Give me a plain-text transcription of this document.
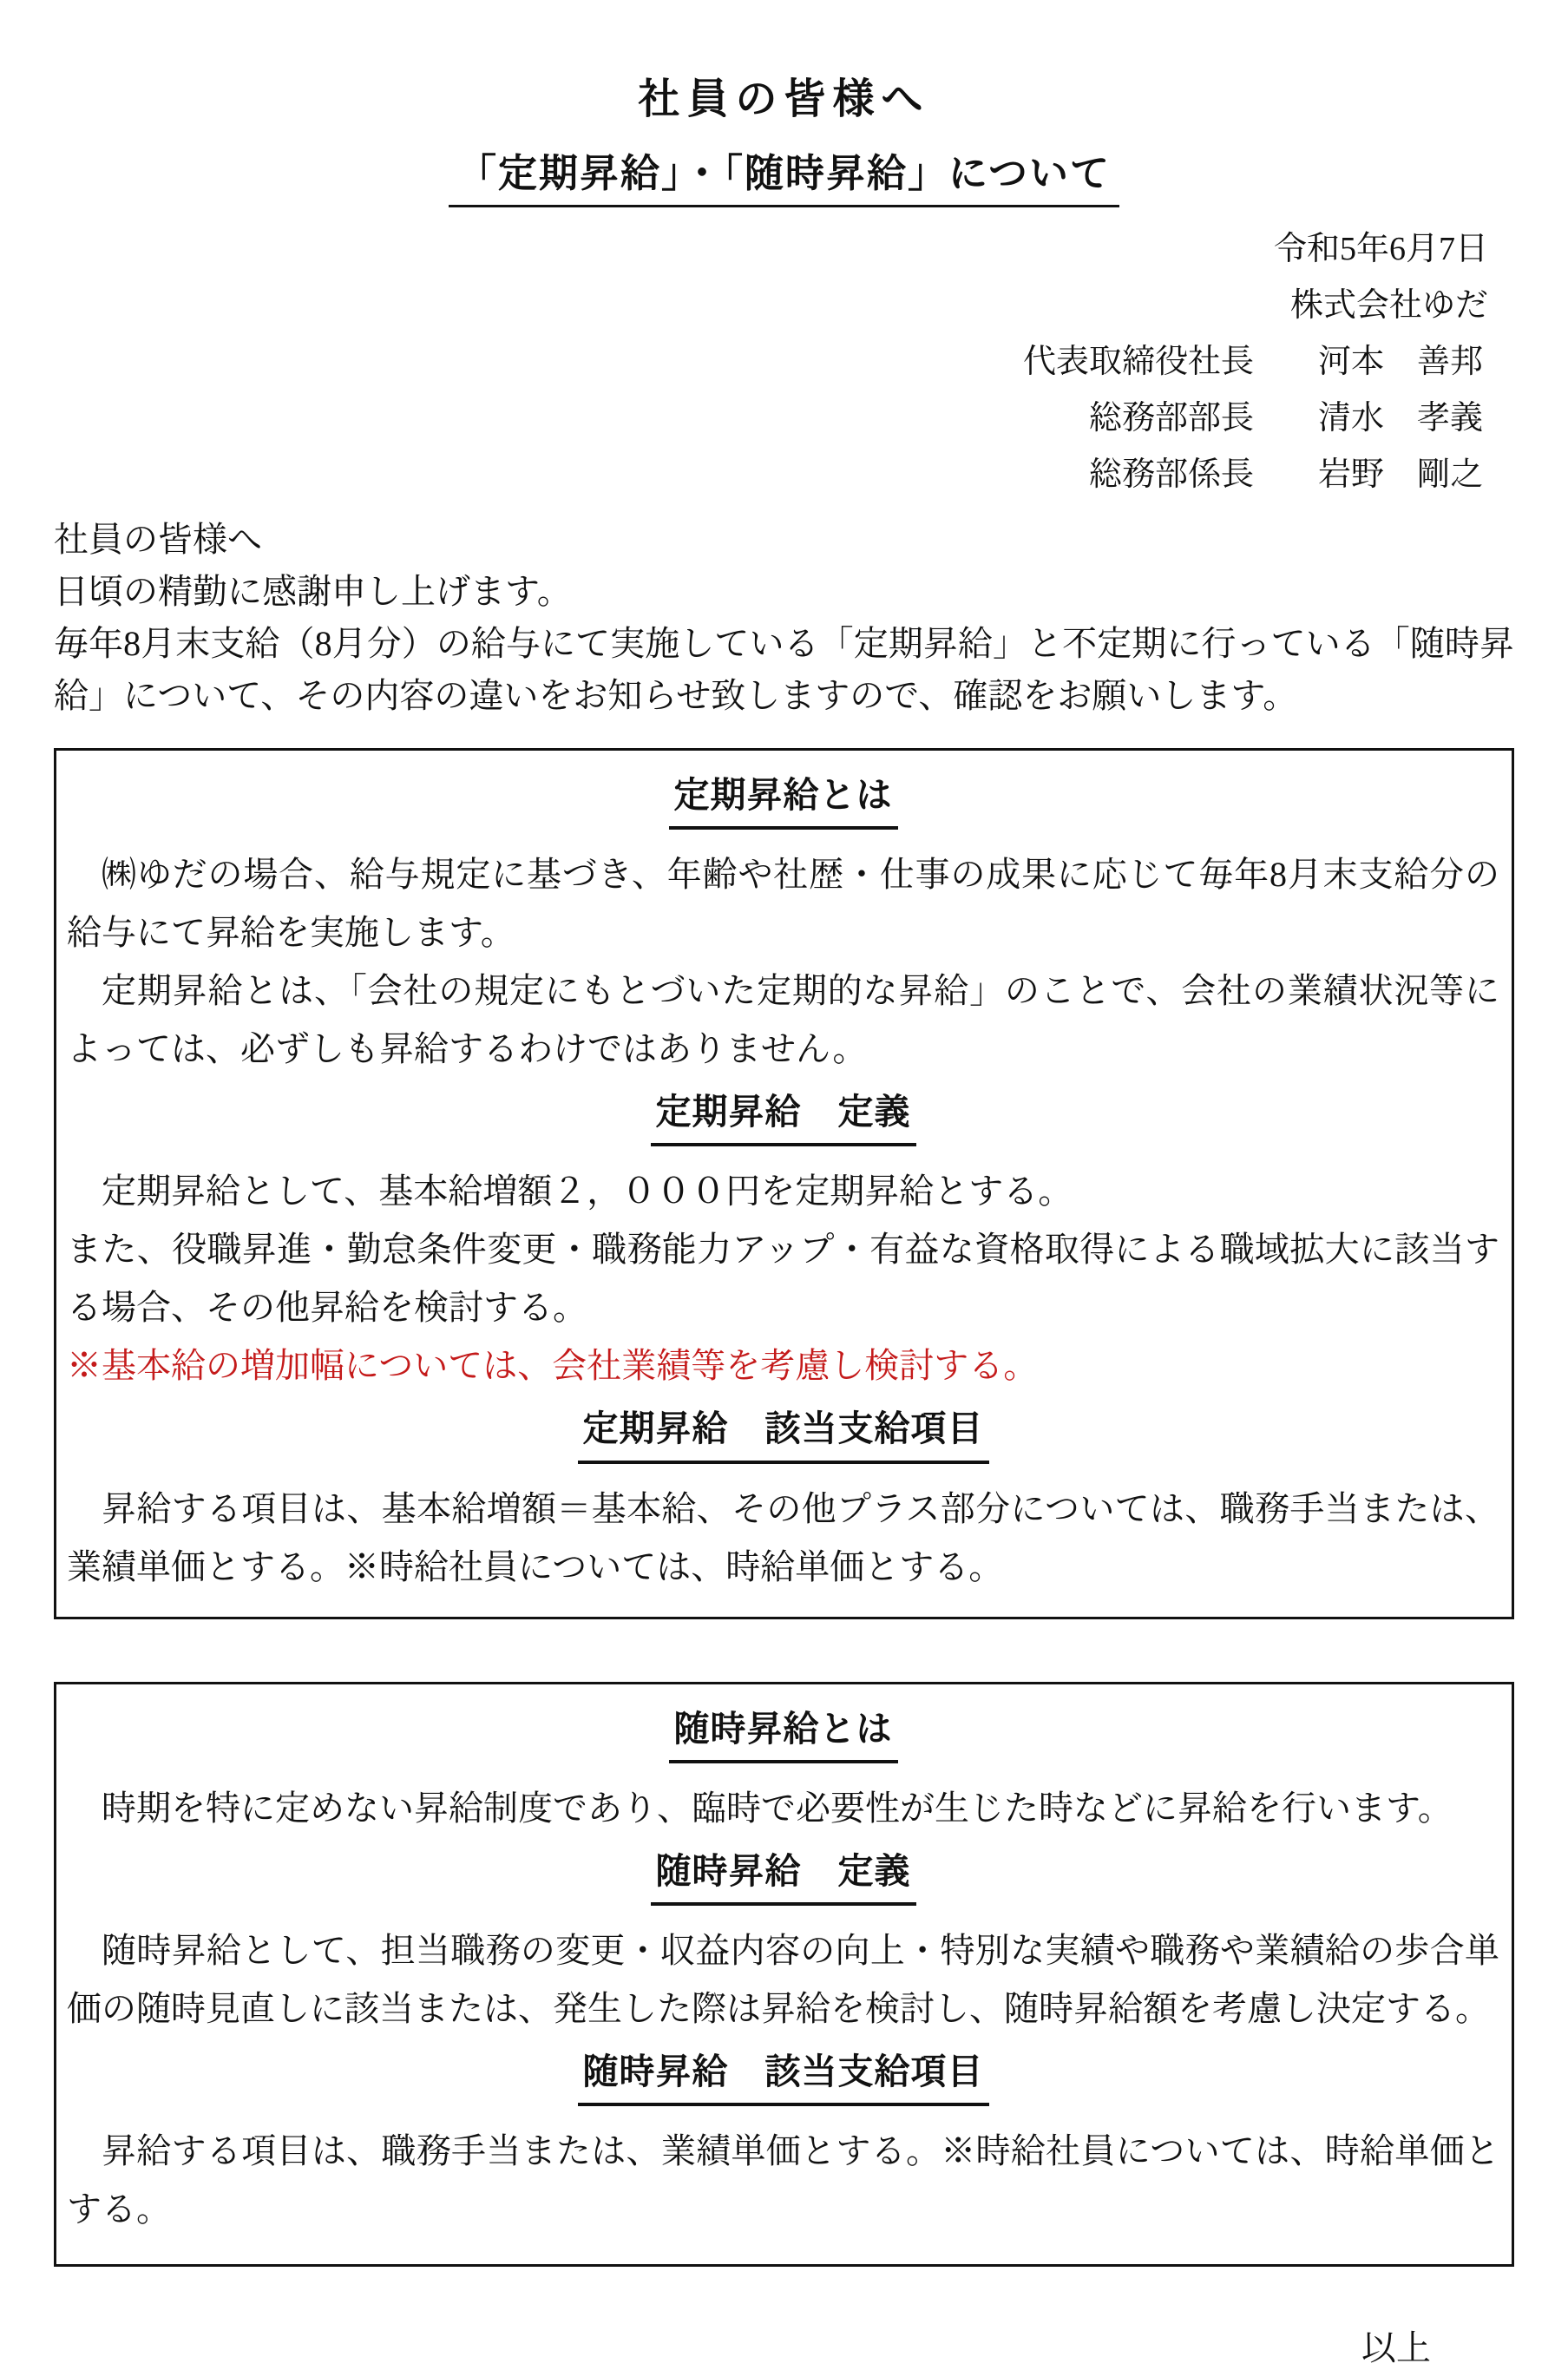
社員の皆様へ
「定期昇給」・「随時昇給」について
令和5年6月7日
株式会社ゆだ
代表取締役社長 河本　善邦
総務部部長 清水　孝義
総務部係長 岩野　剛之
社員の皆様へ
日頃の精勤に感謝申し上げます。

毎年8月末支給（8月分）の給与にて実施している「定期昇給」と不定期に行っている「随時昇給」について、その内容の違いをお知らせ致しますので、確認をお願いします。

定期昇給とは

㈱ゆだの場合、給与規定に基づき、年齢や社歴・仕事の成果に応じて毎年8月末支給分の給与にて昇給を実施します。

定期昇給とは、「会社の規定にもとづいた定期的な昇給」のことで、会社の業績状況等によっては、必ずしも昇給するわけではありません。

定期昇給　定義

定期昇給として、基本給増額２，０００円を定期昇給とする。

また、役職昇進・勤怠条件変更・職務能力アップ・有益な資格取得による職域拡大に該当する場合、その他昇給を検討する。

※基本給の増加幅については、会社業績等を考慮し検討する。

定期昇給　該当支給項目

昇給する項目は、基本給増額＝基本給、その他プラス部分については、職務手当または、業績単価とする。※時給社員については、時給単価とする。

随時昇給とは

時期を特に定めない昇給制度であり、臨時で必要性が生じた時などに昇給を行います。

随時昇給　定義

随時昇給として、担当職務の変更・収益内容の向上・特別な実績や職務や業績給の歩合単価の随時見直しに該当または、発生した際は昇給を検討し、随時昇給額を考慮し決定する。

随時昇給　該当支給項目

昇給する項目は、職務手当または、業績単価とする。※時給社員については、時給単価とする。

以上
